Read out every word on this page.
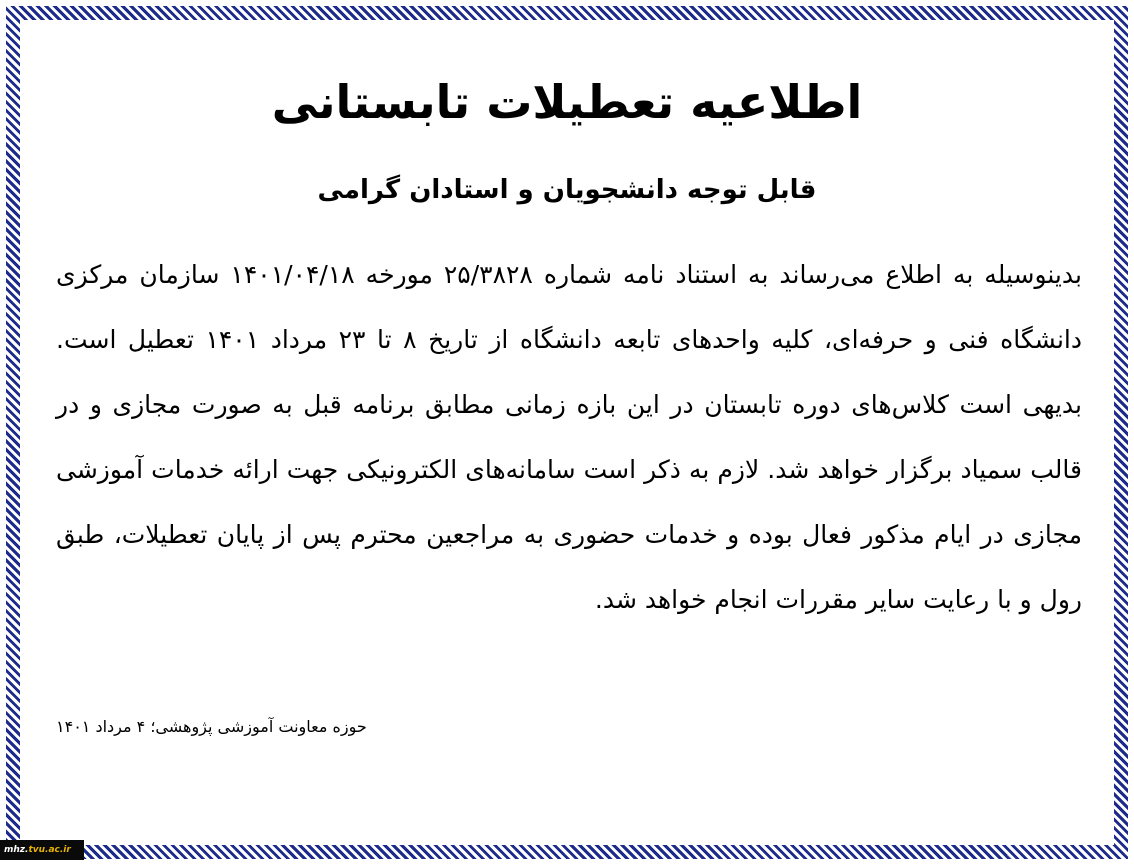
اطلاعیه تعطیلات تابستانی
قابل توجه دانشجویان و استادان گرامی
بدینوسیله به اطلاع می‌رساند به استناد نامه شماره ۲۵/۳۸۲۸ مورخه ۱۴۰۱/۰۴/۱۸ سازمان مرکزی دانشگاه فنی و حرفه‌ای، کلیه واحدهای تابعه دانشگاه از تاریخ ۸ تا ۲۳ مرداد ۱۴۰۱ تعطیل است. بدیهی است کلاس‌های دوره تابستان در این بازه زمانی مطابق برنامه قبل به صورت مجازی و در قالب سمیاد برگزار خواهد شد. لازم به ذکر است سامانه‌های الکترونیکی جهت ارائه خدمات آموزشی مجازی در ایام مذکور فعال بوده و خدمات حضوری به مراجعین محترم پس از پایان تعطیلات، طبق رول و با رعایت سایر مقررات انجام خواهد شد.
حوزه معاونت آموزشی پژوهشی؛ ۴ مرداد ۱۴۰۱
mhz. tvu.ac.ir
